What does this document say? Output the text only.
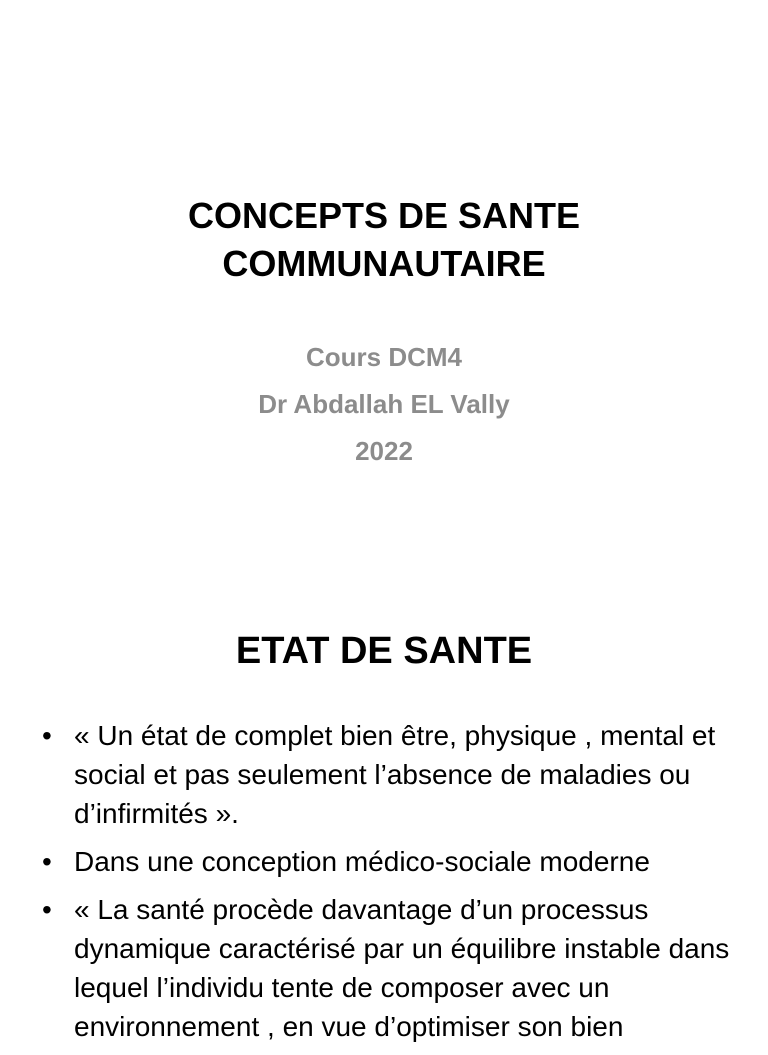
CONCEPTS DE SANTE
COMMUNAUTAIRE
Cours DCM4
Dr Abdallah EL Vally
2022
ETAT DE SANTE
• « Un état de complet bien être, physique , mental et social et pas seulement l’absence de maladies ou d’infirmités ».
• Dans une conception médico-sociale moderne
• « La santé procède davantage d’un processus dynamique caractérisé par un équilibre instable dans lequel l’individu tente de composer avec un environnement , en vue d’optimiser son bien
